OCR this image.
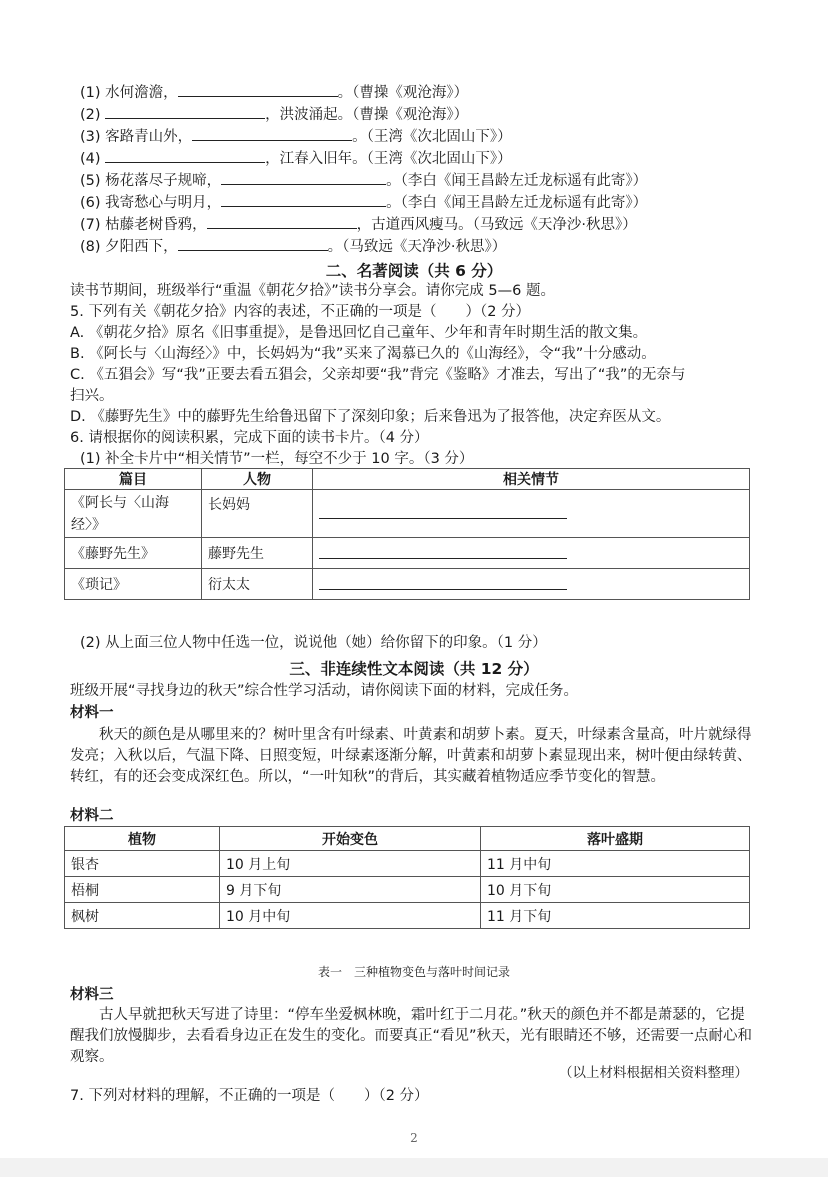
(1) 水何澹澹，	。（曹操《观沧海》）
(2)	，洪波涌起。（曹操《观沧海》）
(3) 客路青山外，	。（王湾《次北固山下》）
(4)	，江春入旧年。（王湾《次北固山下》）
(5) 杨花落尽子规啼，	。（李白《闻王昌龄左迁龙标遥有此寄》）
(6) 我寄愁心与明月，	。（李白《闻王昌龄左迁龙标遥有此寄》）
(7) 枯藤老树昏鸦，	，古道西风瘦马。（马致远《天净沙·秋思》）
(8) 夕阳西下，	。（马致远《天净沙·秋思》）
二、名著阅读（共 6 分）
读书节期间，班级举行“重温《朝花夕拾》”读书分享会。请你完成 5—6 题。
5. 下列有关《朝花夕拾》内容的表述，不正确的一项是（　　）（2 分）
A. 《朝花夕拾》原名《旧事重提》，是鲁迅回忆自己童年、少年和青年时期生活的散文集。
B. 《阿长与〈山海经〉》中，长妈妈为“我”买来了渴慕已久的《山海经》，令“我”十分感动。
C. 《五猖会》写“我”正要去看五猖会，父亲却要“我”背完《鉴略》才准去，写出了“我”的无奈与
扫兴。
D. 《藤野先生》中的藤野先生给鲁迅留下了深刻印象；后来鲁迅为了报答他，决定弃医从文。
6. 请根据你的阅读积累，完成下面的读书卡片。（4 分）
(1) 补全卡片中“相关情节”一栏，每空不少于 10 字。（3 分）
篇目	人物	相关情节
《阿长与〈山海
经〉》	长妈妈	
《藤野先生》	藤野先生	
《琐记》	衍太太	
(2) 从上面三位人物中任选一位，说说他（她）给你留下的印象。（1 分）
三、非连续性文本阅读（共 12 分）
班级开展“寻找身边的秋天”综合性学习活动，请你阅读下面的材料，完成任务。
材料一
秋天的颜色是从哪里来的？树叶里含有叶绿素、叶黄素和胡萝卜素。夏天，叶绿素含量高，叶片就绿得发亮；入秋以后，气温下降、日照变短，叶绿素逐渐分解，叶黄素和胡萝卜素显现出来，树叶便由绿转黄、转红，有的还会变成深红色。所以，“一叶知秋”的背后，其实藏着植物适应季节变化的智慧。
材料二
植物	开始变色	落叶盛期
银杏	10 月上旬	11 月中旬
梧桐	9 月下旬	10 月下旬
枫树	10 月中旬	11 月下旬
表一　三种植物变色与落叶时间记录
材料三
古人早就把秋天写进了诗里：“停车坐爱枫林晚，霜叶红于二月花。”秋天的颜色并不都是萧瑟的，它提醒我们放慢脚步，去看看身边正在发生的变化。而要真正“看见”秋天，光有眼睛还不够，还需要一点耐心和观察。
（以上材料根据相关资料整理）
7. 下列对材料的理解，不正确的一项是（　　）（2 分）
2
